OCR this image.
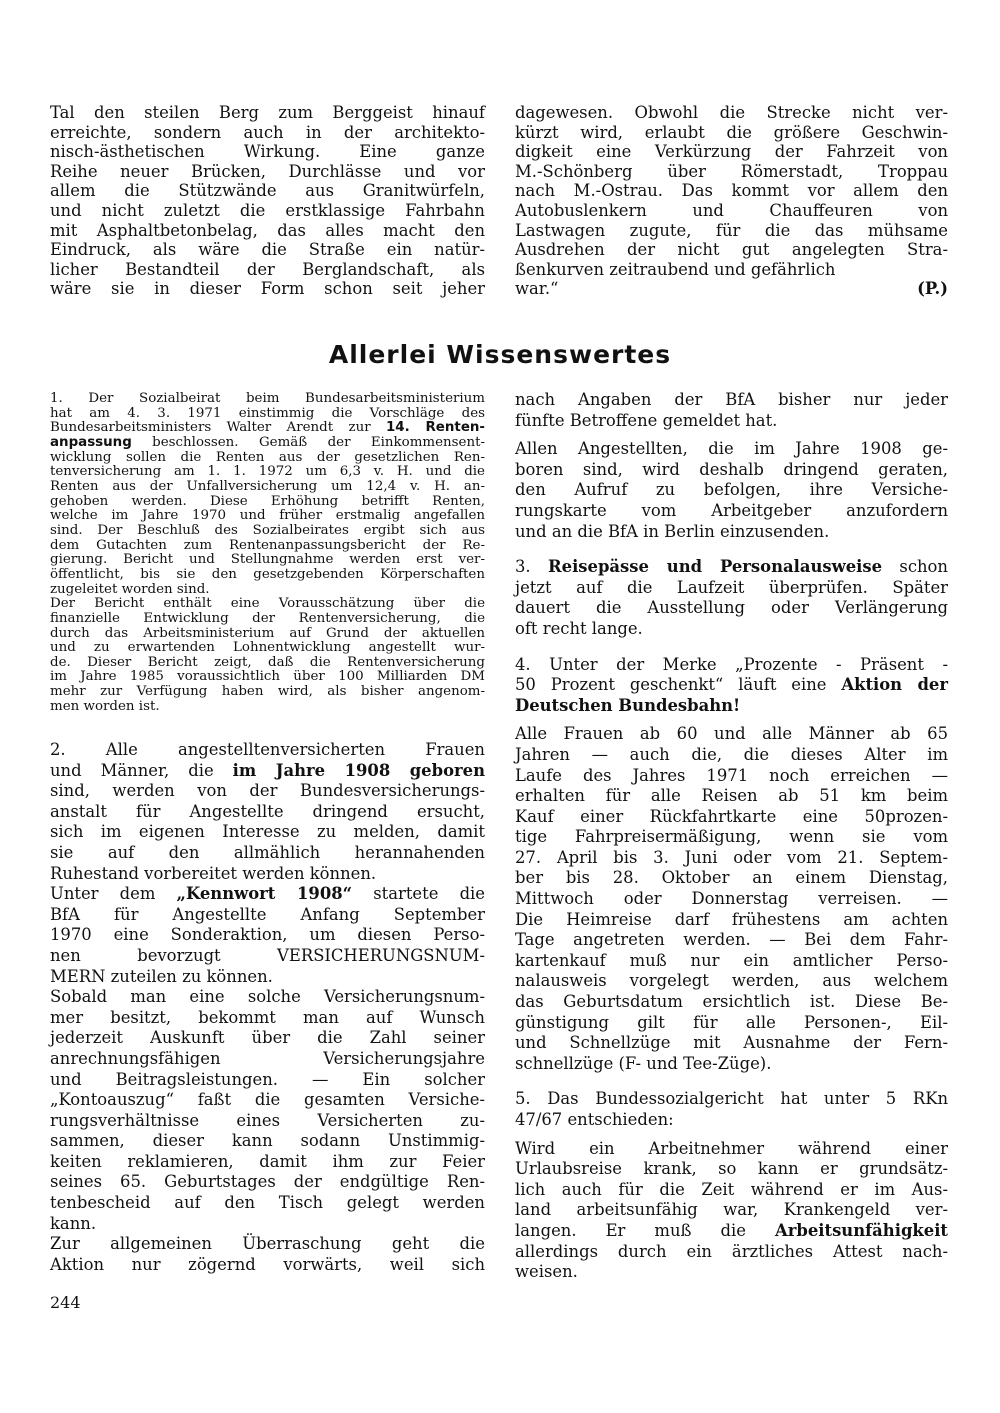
Tal den steilen Berg zum Berggeist hinauf
erreichte, sondern auch in der architekto-
nisch-ästhetischen Wirkung. Eine ganze
Reihe neuer Brücken, Durchlässe und vor
allem die Stützwände aus Granitwürfeln,
und nicht zuletzt die erstklassige Fahrbahn
mit Asphaltbetonbelag, das alles macht den
Eindruck, als wäre die Straße ein natür-
licher Bestandteil der Berglandschaft, als
wäre sie in dieser Form schon seit jeher
dagewesen. Obwohl die Strecke nicht ver-
kürzt wird, erlaubt die größere Geschwin-
digkeit eine Verkürzung der Fahrzeit von
M.-Schönberg über Römerstadt, Troppau
nach M.-Ostrau. Das kommt vor allem den
Autobuslenkern und Chauffeuren von
Lastwagen zugute, für die das mühsame
Ausdrehen der nicht gut angelegten Stra-
ßenkurven zeitraubend und gefährlich
war.“	(P.)
Allerlei Wissenswertes
1. Der Sozialbeirat beim Bundesarbeitsministerium
hat am 4. 3. 1971 einstimmig die Vorschläge des
Bundesarbeitsministers Walter Arendt zur 14. Renten-
anpassung beschlossen. Gemäß der Einkommensent-
wicklung sollen die Renten aus der gesetzlichen Ren-
tenversicherung am 1. 1. 1972 um 6,3 v. H. und die
Renten aus der Unfallversicherung um 12,4 v. H. an-
gehoben werden. Diese Erhöhung betrifft Renten,
welche im Jahre 1970 und früher erstmalig angefallen
sind. Der Beschluß des Sozialbeirates ergibt sich aus
dem Gutachten zum Rentenanpassungsbericht der Re-
gierung. Bericht und Stellungnahme werden erst ver-
öffentlicht, bis sie den gesetzgebenden Körperschaften
zugeleitet worden sind.
Der Bericht enthält eine Vorausschätzung über die
finanzielle Entwicklung der Rentenversicherung, die
durch das Arbeitsministerium auf Grund der aktuellen
und zu erwartenden Lohnentwicklung angestellt wur-
de. Dieser Bericht zeigt, daß die Rentenversicherung
im Jahre 1985 voraussichtlich über 100 Milliarden DM
mehr zur Verfügung haben wird, als bisher angenom-
men worden ist.
2. Alle angestelltenversicherten Frauen
und Männer, die im Jahre 1908 geboren
sind, werden von der Bundesversicherungs-
anstalt für Angestellte dringend ersucht,
sich im eigenen Interesse zu melden, damit
sie auf den allmählich herannahenden
Ruhestand vorbereitet werden können.
Unter dem „Kennwort 1908“ startete die
BfA für Angestellte Anfang September
1970 eine Sonderaktion, um diesen Perso-
nen bevorzugt VERSICHERUNGSNUM-
MERN zuteilen zu können.
Sobald man eine solche Versicherungsnum-
mer besitzt, bekommt man auf Wunsch
jederzeit Auskunft über die Zahl seiner
anrechnungsfähigen Versicherungsjahre
und Beitragsleistungen. — Ein solcher
„Kontoauszug“ faßt die gesamten Versiche-
rungsverhältnisse eines Versicherten zu-
sammen, dieser kann sodann Unstimmig-
keiten reklamieren, damit ihm zur Feier
seines 65. Geburtstages der endgültige Ren-
tenbescheid auf den Tisch gelegt werden
kann.
Zur allgemeinen Überraschung geht die
Aktion nur zögernd vorwärts, weil sich
nach Angaben der BfA bisher nur jeder
fünfte Betroffene gemeldet hat.
Allen Angestellten, die im Jahre 1908 ge-
boren sind, wird deshalb dringend geraten,
den Aufruf zu befolgen, ihre Versiche-
rungskarte vom Arbeitgeber anzufordern
und an die BfA in Berlin einzusenden.
3. Reisepässe und Personalausweise schon
jetzt auf die Laufzeit überprüfen. Später
dauert die Ausstellung oder Verlängerung
oft recht lange.
4. Unter der Merke „Prozente - Präsent -
50 Prozent geschenkt“ läuft eine Aktion der
Deutschen Bundesbahn!
Alle Frauen ab 60 und alle Männer ab 65
Jahren — auch die, die dieses Alter im
Laufe des Jahres 1971 noch erreichen —
erhalten für alle Reisen ab 51 km beim
Kauf einer Rückfahrtkarte eine 50prozen-
tige Fahrpreisermäßigung, wenn sie vom
27. April bis 3. Juni oder vom 21. Septem-
ber bis 28. Oktober an einem Dienstag,
Mittwoch oder Donnerstag verreisen. —
Die Heimreise darf frühestens am achten
Tage angetreten werden. — Bei dem Fahr-
kartenkauf muß nur ein amtlicher Perso-
nalausweis vorgelegt werden, aus welchem
das Geburtsdatum ersichtlich ist. Diese Be-
günstigung gilt für alle Personen-, Eil-
und Schnellzüge mit Ausnahme der Fern-
schnellzüge (F- und Tee-Züge).
5. Das Bundessozialgericht hat unter 5 RKn
47/67 entschieden:
Wird ein Arbeitnehmer während einer
Urlaubsreise krank, so kann er grundsätz-
lich auch für die Zeit während er im Aus-
land arbeitsunfähig war, Krankengeld ver-
langen. Er muß die Arbeitsunfähigkeit
allerdings durch ein ärztliches Attest nach-
weisen.
244
